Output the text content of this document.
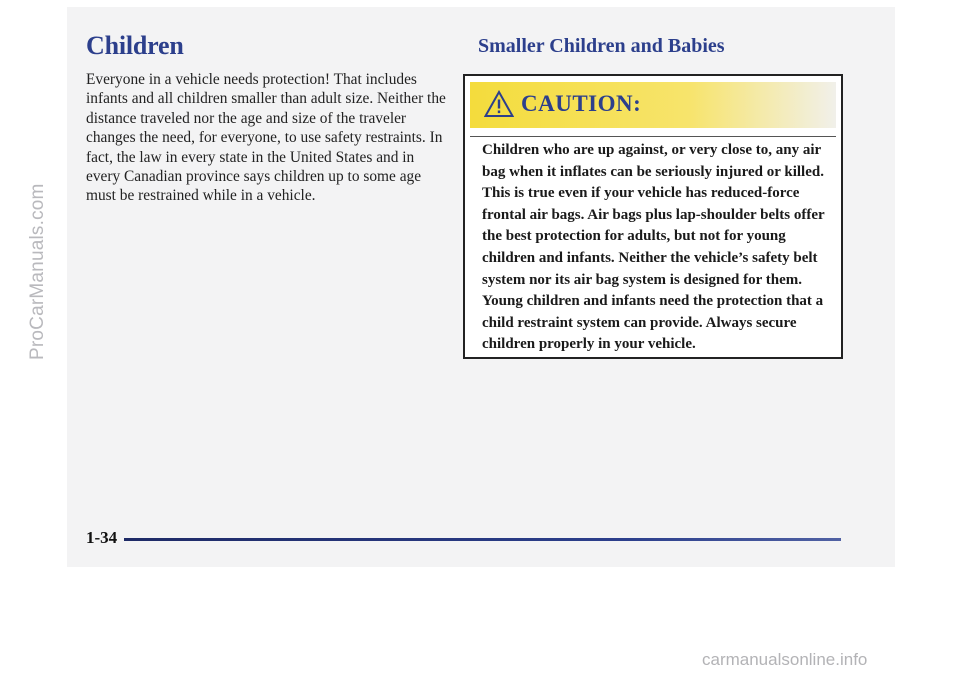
ProCarManuals.com
Children

Everyone in a vehicle needs protection! That includes infants and all children smaller than adult size. Neither the distance traveled nor the age and size of the traveler changes the need, for everyone, to use safety restraints. In fact, the law in every state in the United States and in every Canadian province says children up to some age must be restrained while in a vehicle.

Smaller Children and Babies
CAUTION:

Children who are up against, or very close to, any air bag when it inflates can be seriously injured or killed. This is true even if your vehicle has reduced-force frontal air bags. Air bags plus lap-shoulder belts offer the best protection for adults, but not for young children and infants. Neither the vehicle’s safety belt system nor its air bag system is designed for them. Young children and infants need the protection that a child restraint system can provide. Always secure children properly in your vehicle.

1-34
carmanualsonline.info
